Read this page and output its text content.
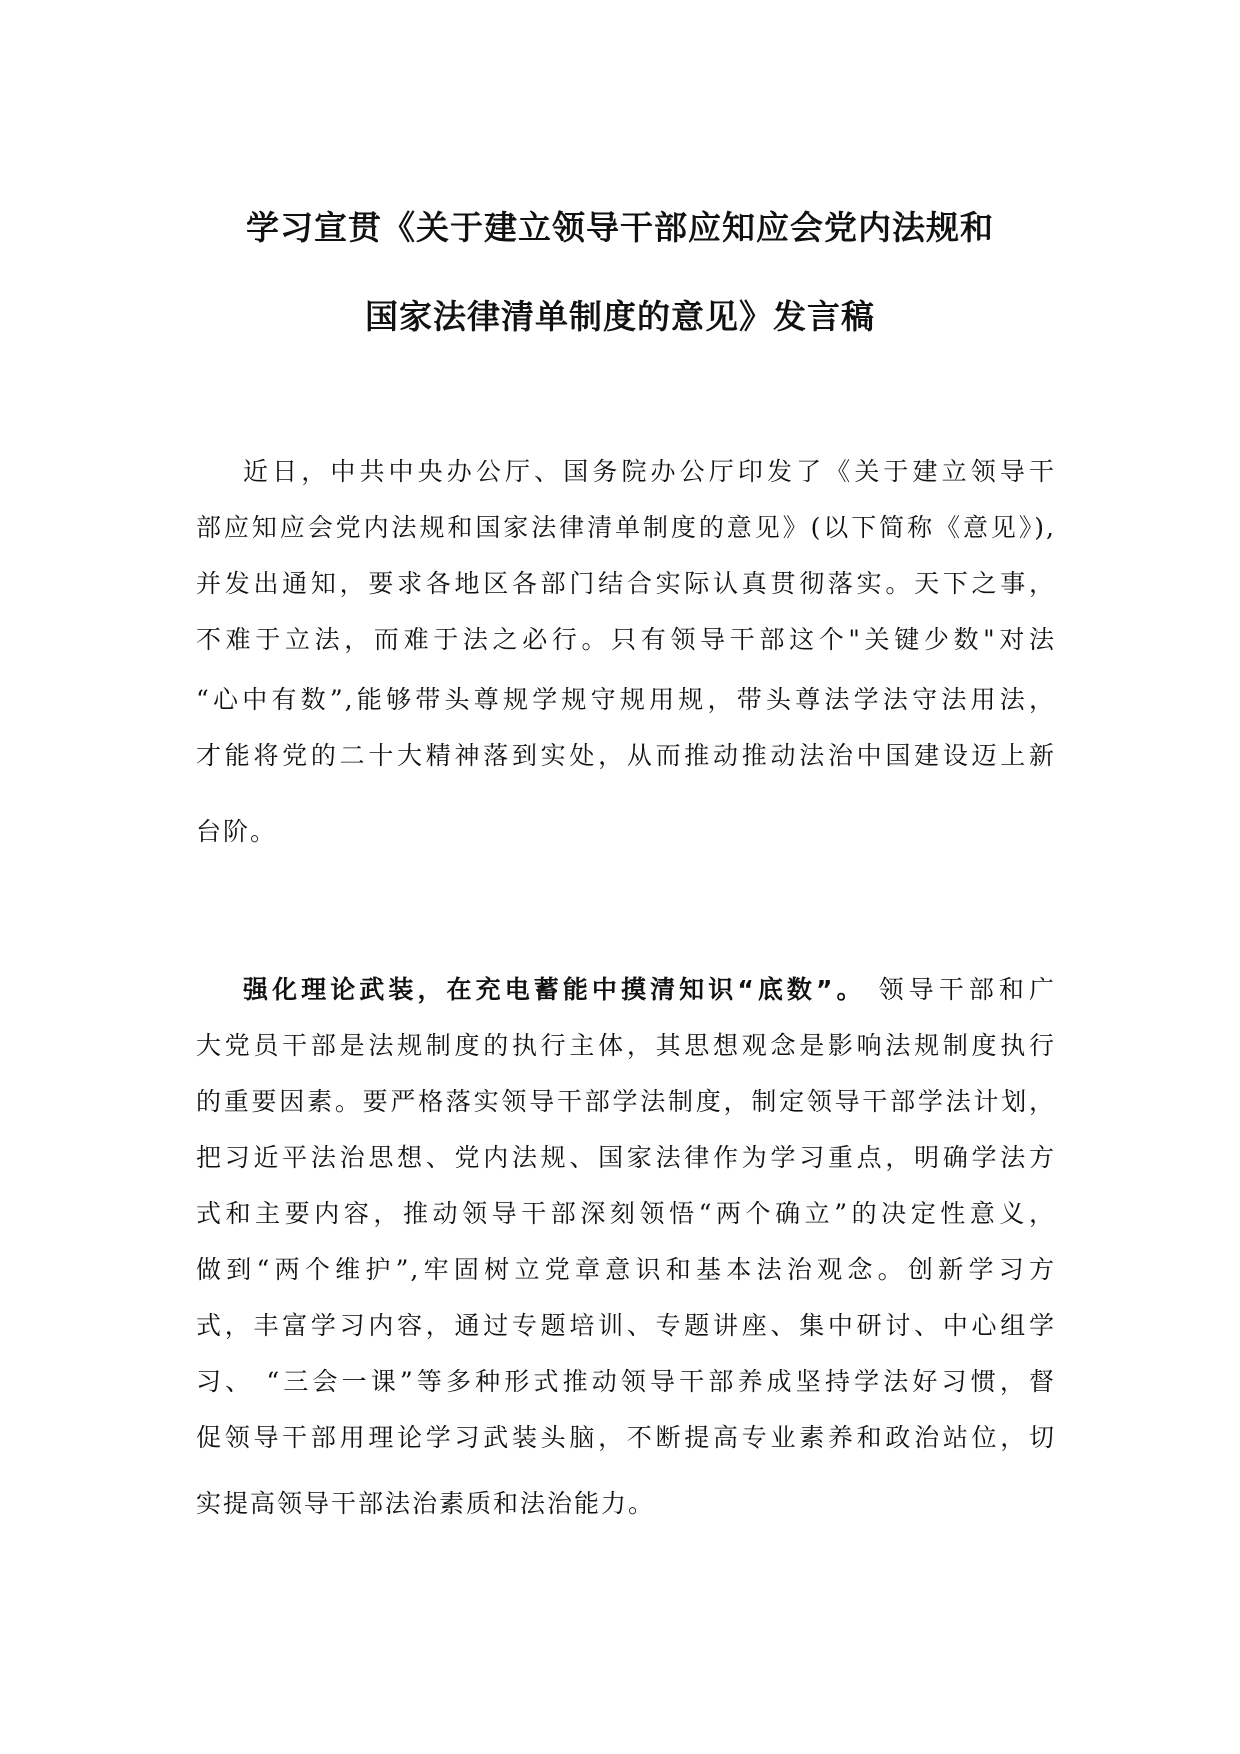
学习宣贯《关于建立领导干部应知应会党内法规和
国家法律清单制度的意见》发言稿
近日，中共中央办公厅、国务院办公厅印发了《关于建立领导干
部应知应会党内法规和国家法律清单制度的意见》(以下简称《意见》),
并发出通知，要求各地区各部门结合实际认真贯彻落实。天下之事，
不难于立法，而难于法之必行。只有领导干部这个"关键少数"对法
“心中有数”,能够带头尊规学规守规用规，带头尊法学法守法用法，
才能将党的二十大精神落到实处，从而推动推动法治中国建设迈上新
台阶。
强化理论武装，在充电蓄能中摸清知识“底数”。 领导干部和广
大党员干部是法规制度的执行主体，其思想观念是影响法规制度执行
的重要因素。要严格落实领导干部学法制度，制定领导干部学法计划，
把习近平法治思想、党内法规、国家法律作为学习重点，明确学法方
式和主要内容，推动领导干部深刻领悟“两个确立”的决定性意义，
做到“两个维护”,牢固树立党章意识和基本法治观念。创新学习方
式，丰富学习内容，通过专题培训、专题讲座、集中研讨、中心组学
习、 “三会一课”等多种形式推动领导干部养成坚持学法好习惯，督
促领导干部用理论学习武装头脑，不断提高专业素养和政治站位，切
实提高领导干部法治素质和法治能力。
